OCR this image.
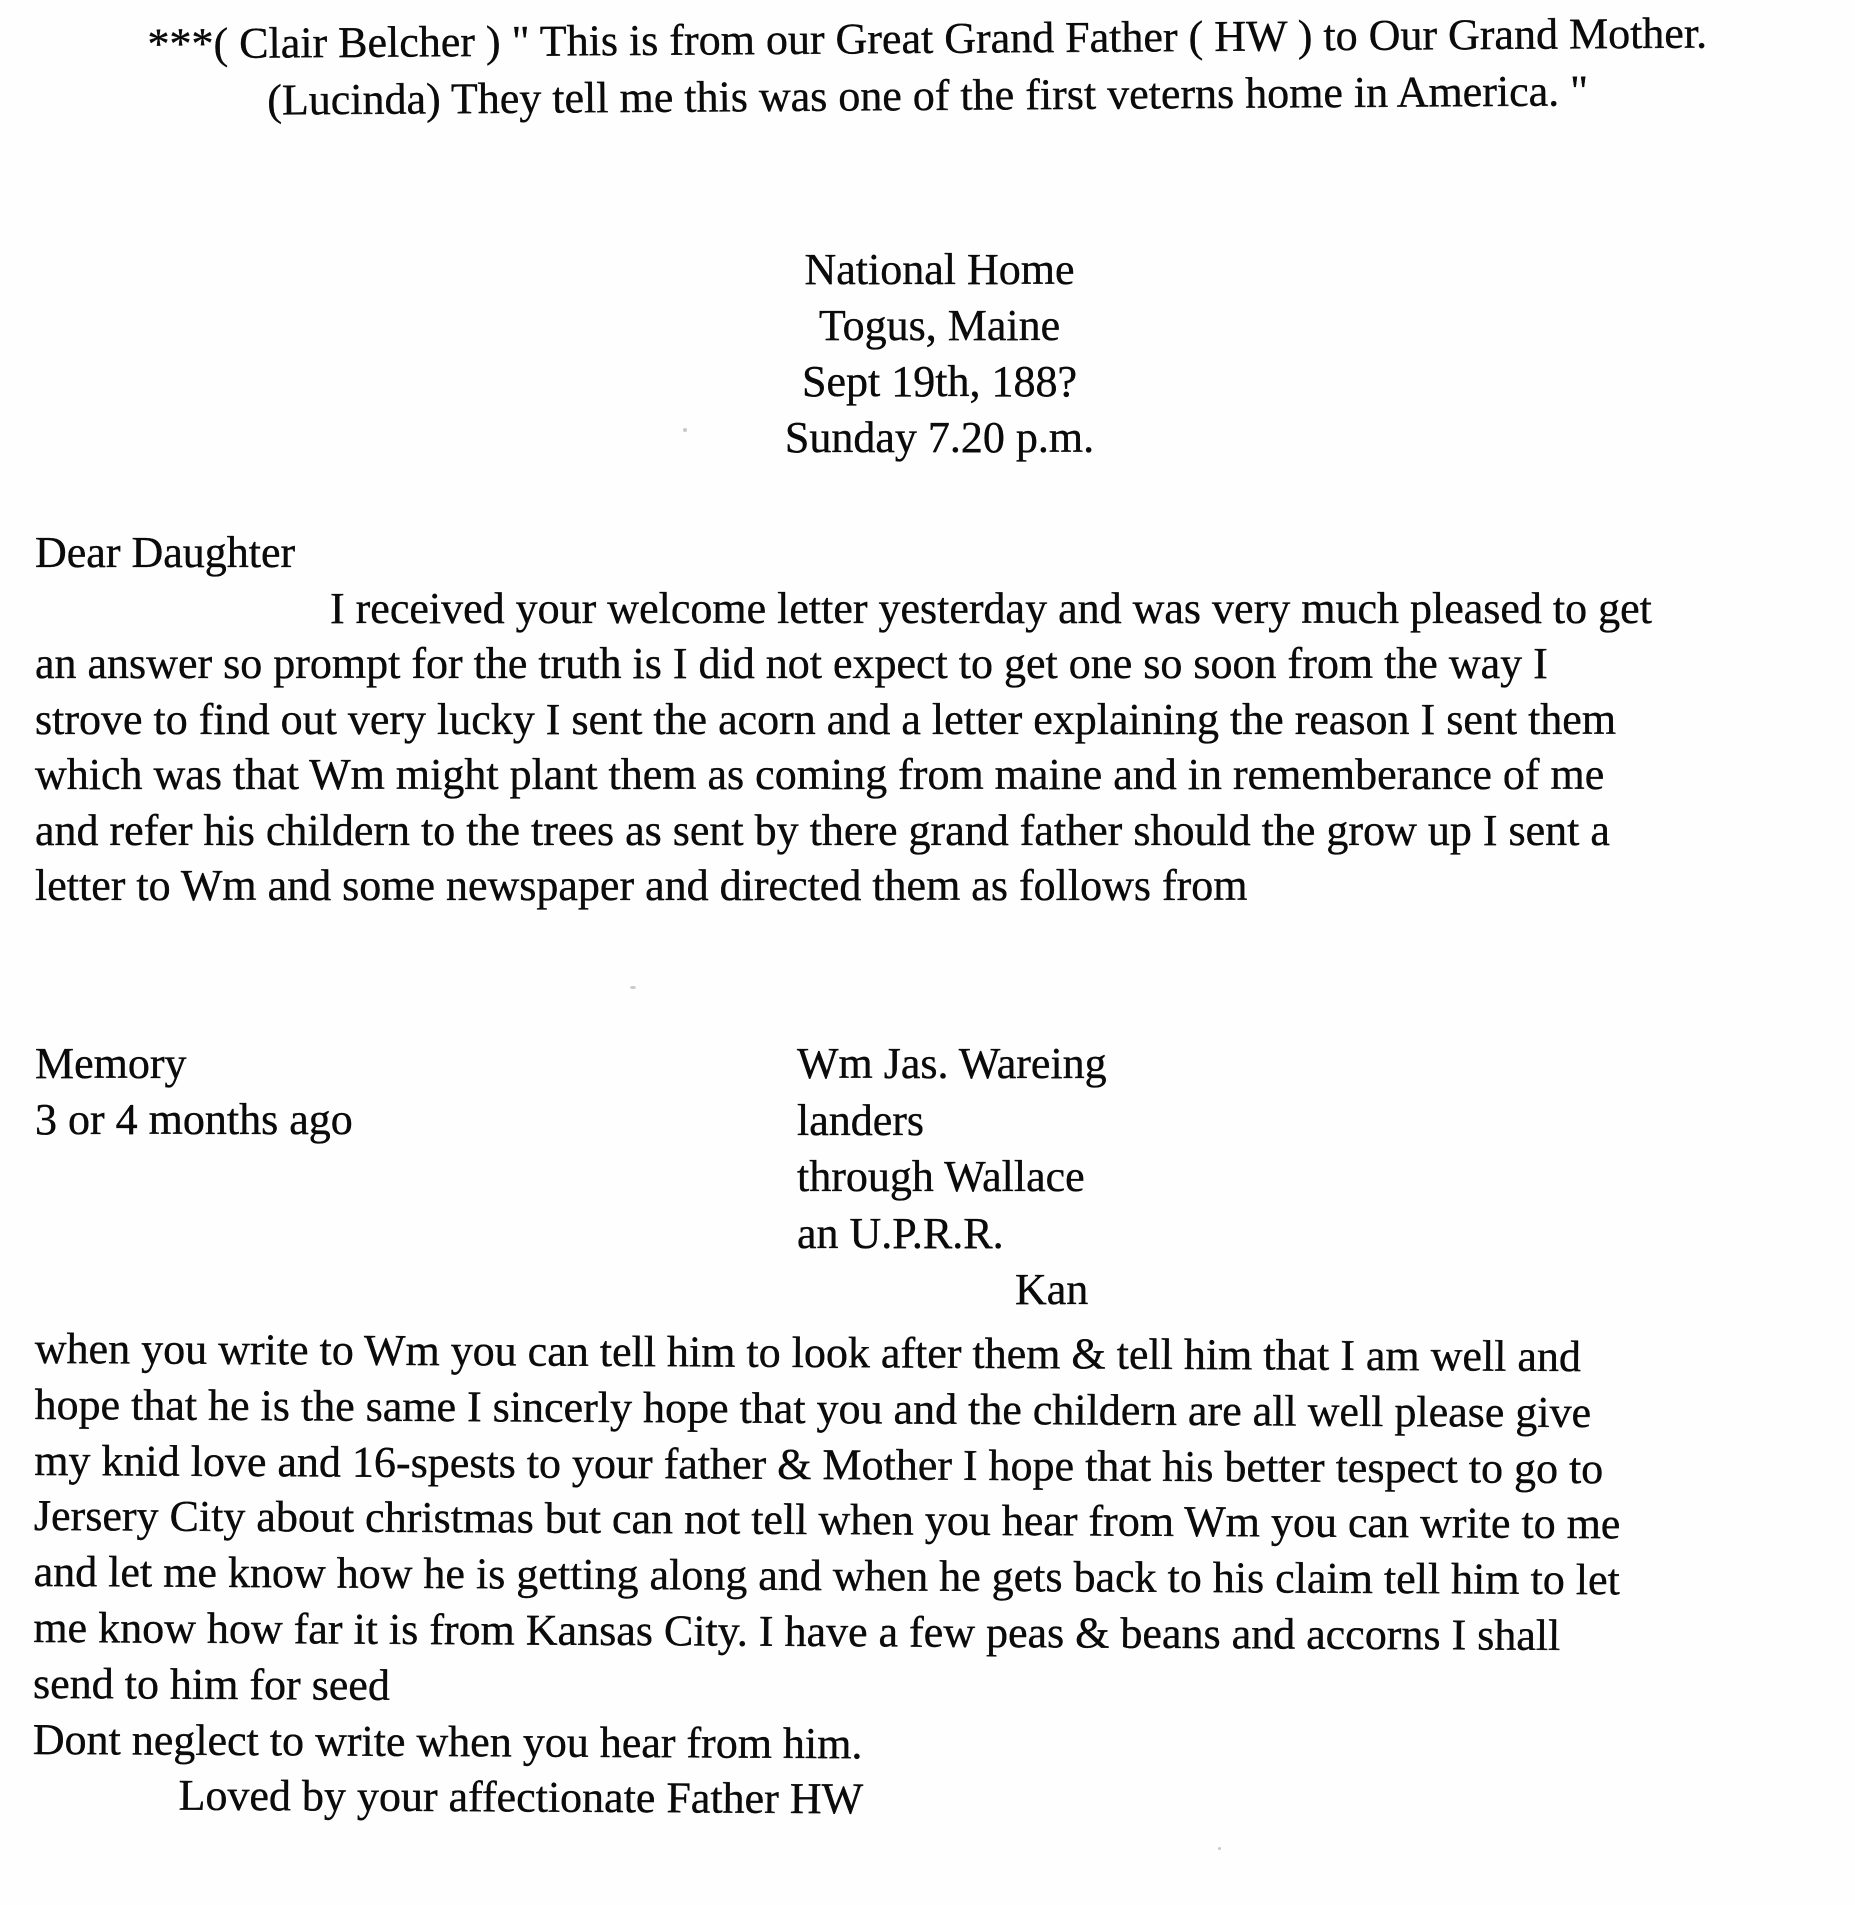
***( Clair Belcher ) " This is from our Great Grand Father ( HW ) to Our Grand Mother.
(Lucinda) They tell me this was one of the first veterns home in America. "
National Home
Togus, Maine
Sept 19th, 188?
Sunday 7.20 p.m.
Dear Daughter
I received your welcome letter yesterday and was very much pleased to get
an answer so prompt for the truth is I did not expect to get one so soon from the way I
strove to find out very lucky I sent the acorn and a letter explaining the reason I sent them
which was that Wm might plant them as coming from maine and in rememberance of me
and refer his childern to the trees as sent by there grand father should the grow up I sent a
letter to Wm and some newspaper and directed them as follows from
Memory
3 or 4 months ago
Wm Jas. Wareing
landers
through Wallace
an U.P.R.R.
Kan
when you write to Wm you can tell him to look after them & tell him that I am well and
hope that he is the same I sincerly hope that you and the childern are all well please give
my knid love and 16-spests to your father & Mother I hope that his better tespect to go to
Jersery City about christmas but can not tell when you hear from Wm you can write to me
and let me know how he is getting along and when he gets back to his claim tell him to let
me know how far it is from Kansas City. I have a few peas & beans and accorns I shall
send to him for seed
Dont neglect to write when you hear from him.
Loved by your affectionate Father HW
